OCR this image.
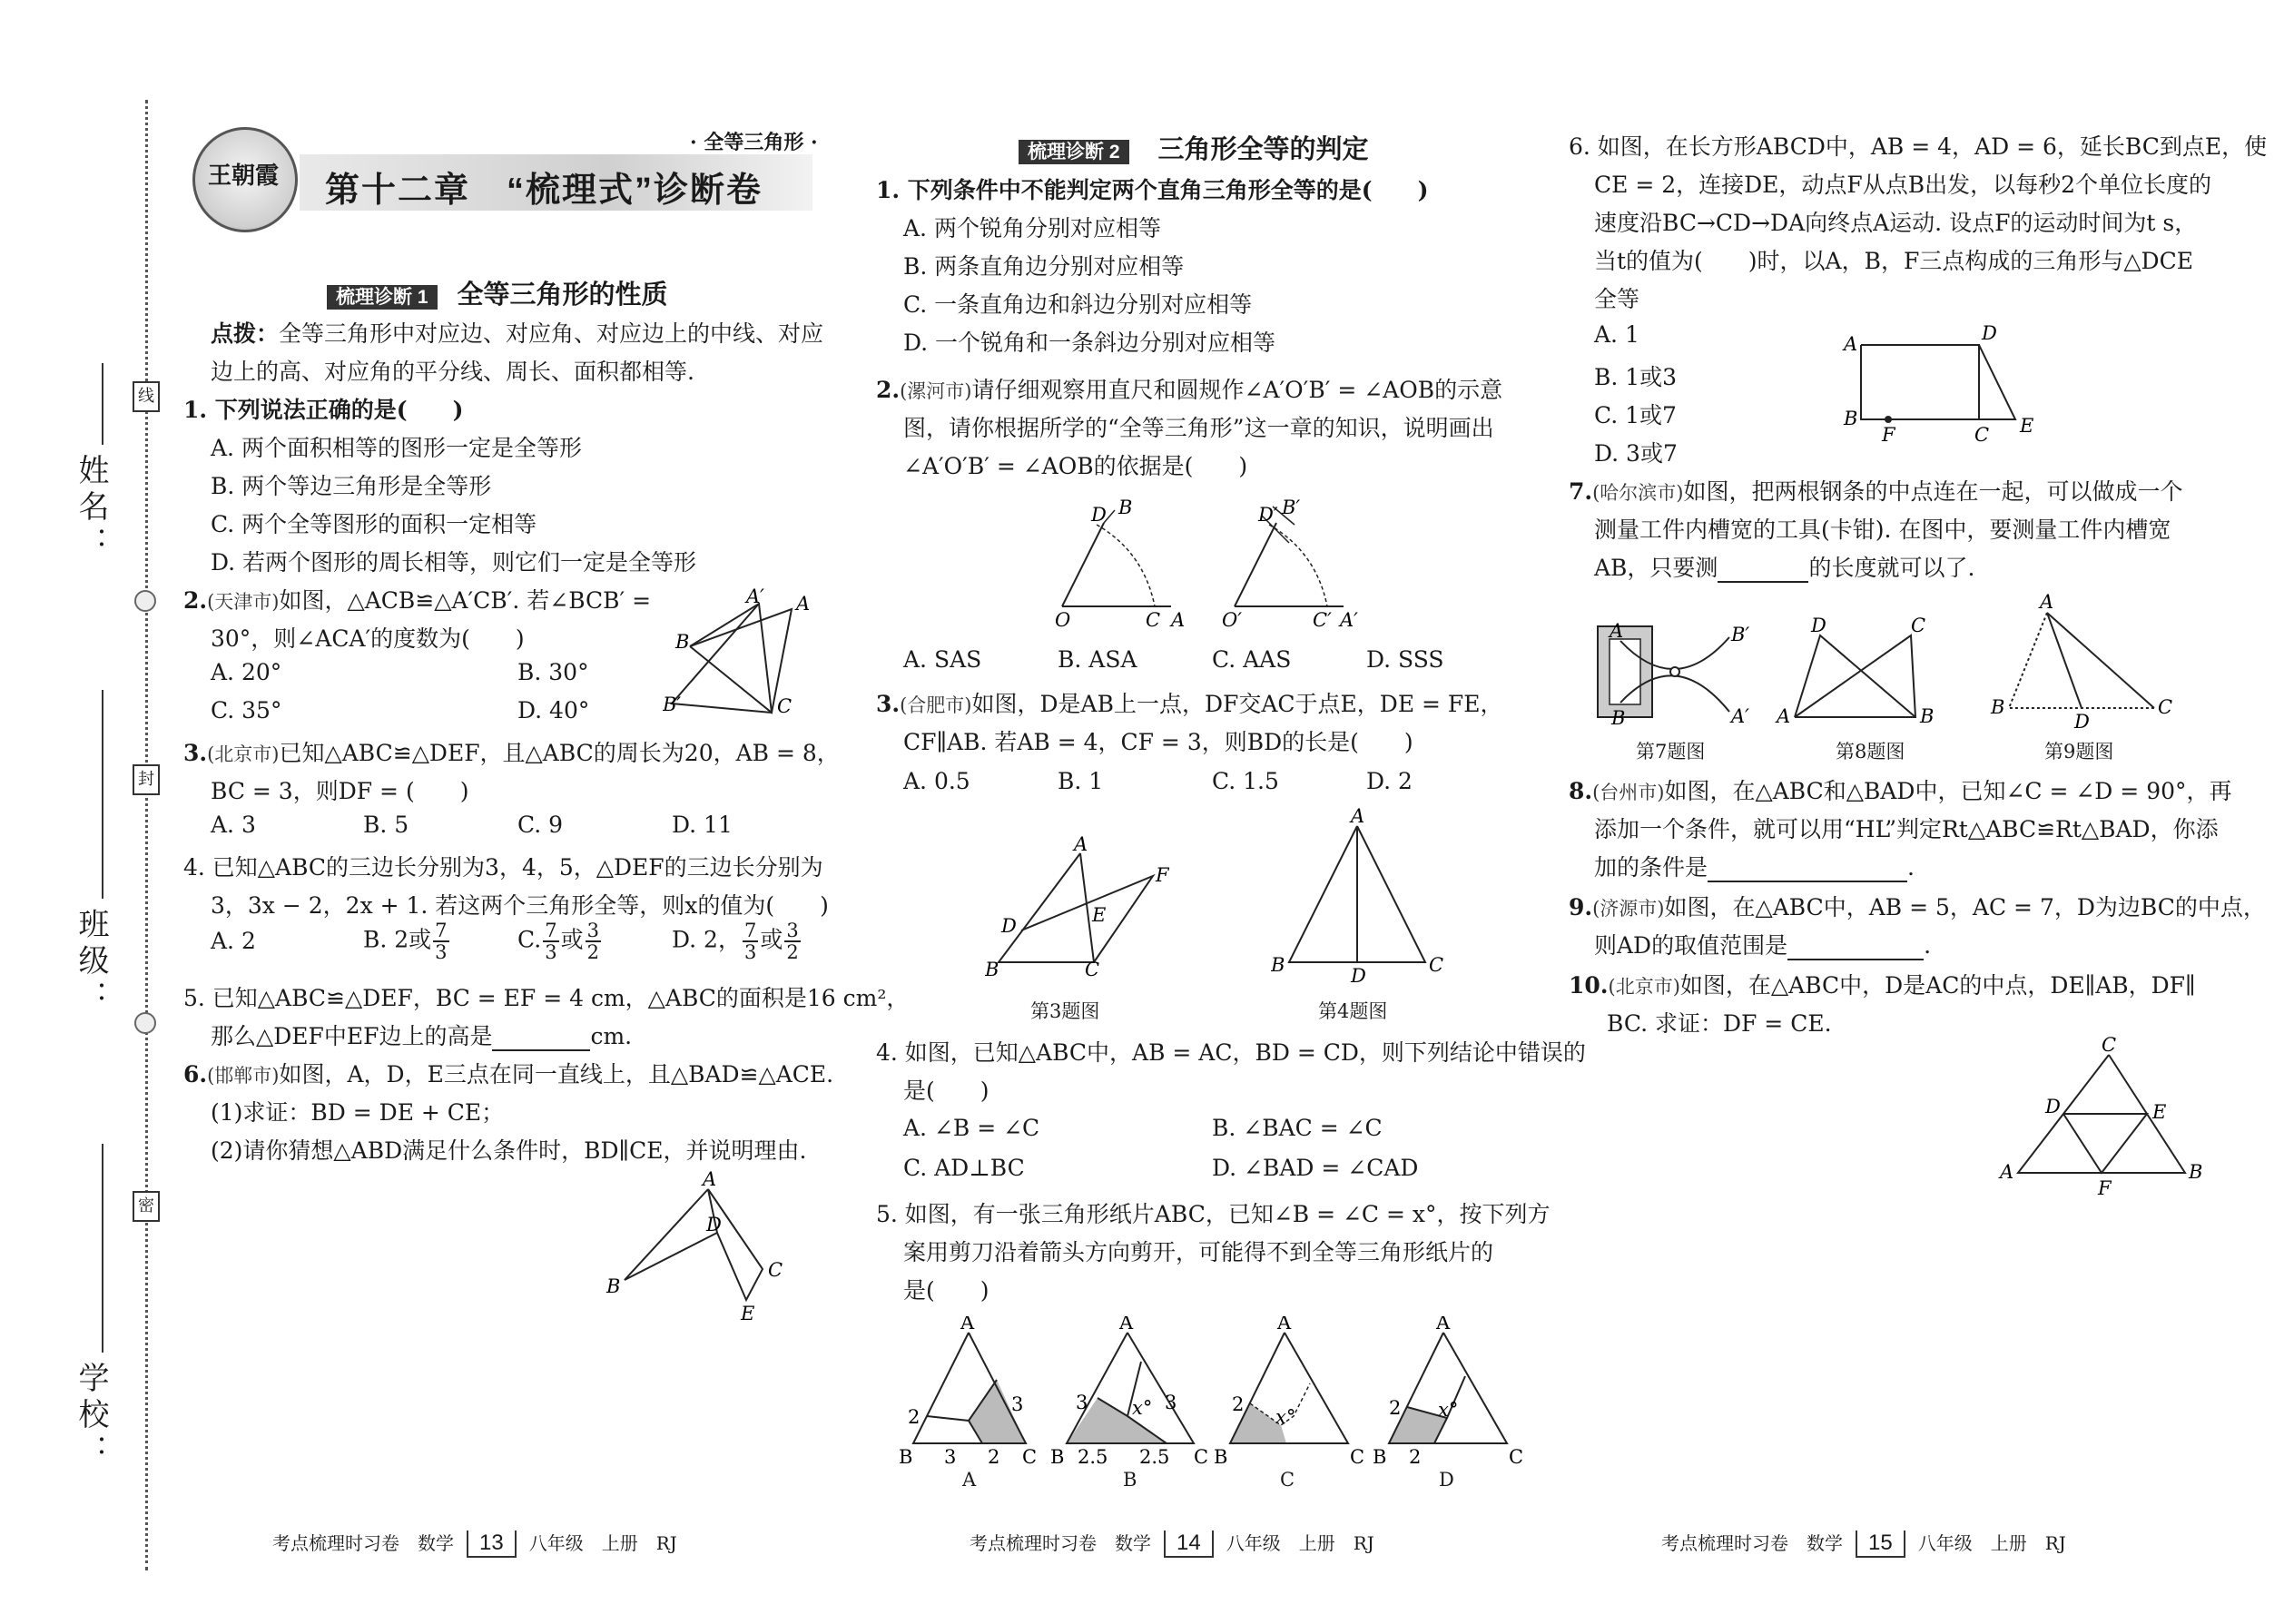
姓名：
班级：
学校：
线
封
密
王朝霞 第十二章　“梳理式”诊断卷
· 全等三角形 ·
梳理诊断 1 全等三角形的性质
点拨：全等三角形中对应边、对应角、对应边上的中线、对应
边上的高、对应角的平分线、周长、面积都相等.
1. 下列说法正确的是(　　)
A. 两个面积相等的图形一定是全等形
B. 两个等边三角形是全等形
C. 两个全等图形的面积一定相等
D. 若两个图形的周长相等，则它们一定是全等形
2.(天津市)如图，△ACB≌△A′CB′. 若∠BCB′ =
30°，则∠ACA′的度数为(　　)
A. 20°	B. 30°
C. 35°	D. 40°
B
A′ A
B′	C
3.(北京市)已知△ABC≌△DEF，且△ABC的周长为20，AB = 8，
BC = 3，则DF = (　　)
A. 3	B. 5	C. 9	D. 11
4. 已知△ABC的三边长分别为3，4，5，△DEF的三边长分别为
3，3x − 2，2x + 1. 若这两个三角形全等，则x的值为(　　)
A. 2	B. 2或 $\frac{7}{3}$	C. $\frac{7}{3}$ 或 $\frac{3}{2}$	D. 2， $\frac{7}{3}$ 或 $\frac{3}{2}$
5. 已知△ABC≌△DEF，BC = EF = 4 cm，△ABC的面积是16 cm²，
那么△DEF中EF边上的高是	cm.
6.(邯郸市)如图，A，D，E三点在同一直线上，且△BAD≌△ACE.
(1)求证：BD = DE + CE；
(2)请你猜想△ABD满足什么条件时，BD∥CE，并说明理由.
A
D
B
C
E
梳理诊断 2 三角形全等的判定
1. 下列条件中不能判定两个直角三角形全等的是(　　)
A. 两个锐角分别对应相等
B. 两条直角边分别对应相等
C. 一条直角边和斜边分别对应相等
D. 一个锐角和一条斜边分别对应相等
2.(漯河市)请仔细观察用直尺和圆规作∠A′O′B′ = ∠AOB的示意
图，请你根据所学的“全等三角形”这一章的知识，说明画出
∠A′O′B′ = ∠AOB的依据是(　　)
D B
O	C A
D′ B′
O′	C′ A′
A. SAS	B. ASA	C. AAS	D. SSS
3.(合肥市)如图，D是AB上一点，DF交AC于点E，DE = FE，
CF∥AB. 若AB = 4，CF = 3，则BD的长是(　　)
A. 0.5	B. 1	C. 1.5	D. 2
A
D	E
F
B	C
第3题图
A
B	D	C
第4题图
4. 如图，已知△ABC中，AB = AC，BD = CD，则下列结论中错误的
是(　　)
A. ∠B = ∠C	B. ∠BAC = ∠C
C. AD⊥BC	D. ∠BAD = ∠CAD
5. 如图，有一张三角形纸片ABC，已知∠B = ∠C = x°，按下列方
案用剪刀沿着箭头方向剪开，可能得不到全等三角形纸片的
是(　　)
A
B	C
2
3 2
3
A
B	C
3 x°
2.5 2.5
3
A
B	C
2
x°
A
B	C
2 x°
2
A	B	C	D
6. 如图，在长方形ABCD中，AB = 4，AD = 6，延长BC到点E，使
CE = 2，连接DE，动点F从点B出发，以每秒2个单位长度的
速度沿BC→CD→DA向终点A运动. 设点F的运动时间为t s，
当t的值为(　　)时，以A，B，F三点构成的三角形与△DCE
全等
A. 1
B. 1或3
C. 1或7
D. 3或7
A	D
B
F	C E
7.(哈尔滨市)如图，把两根钢条的中点连在一起，可以做成一个
测量工件内槽宽的工具(卡钳). 在图中，要测量工件内槽宽
AB，只要测	的长度就可以了.
A	B′
B	A′
第7题图
D	C
A	B
第8题图
A
B
D
C
第9题图
8.(台州市)如图，在△ABC和△BAD中，已知∠C = ∠D = 90°，再
添加一个条件，就可以用“HL”判定Rt△ABC≌Rt△BAD，你添
加的条件是	.
9.(济源市)如图，在△ABC中，AB = 5，AC = 7，D为边BC的中点，
则AD的取值范围是	.
10.(北京市)如图，在△ABC中，D是AC的中点，DE∥AB，DF∥
BC. 求证：DF = CE.
C
D	E
A
F
B
考点梳理时习卷　数学 13 八年级　上册　RJ	考点梳理时习卷　数学 14 八年级　上册　RJ	考点梳理时习卷　数学 15 八年级　上册　RJ
